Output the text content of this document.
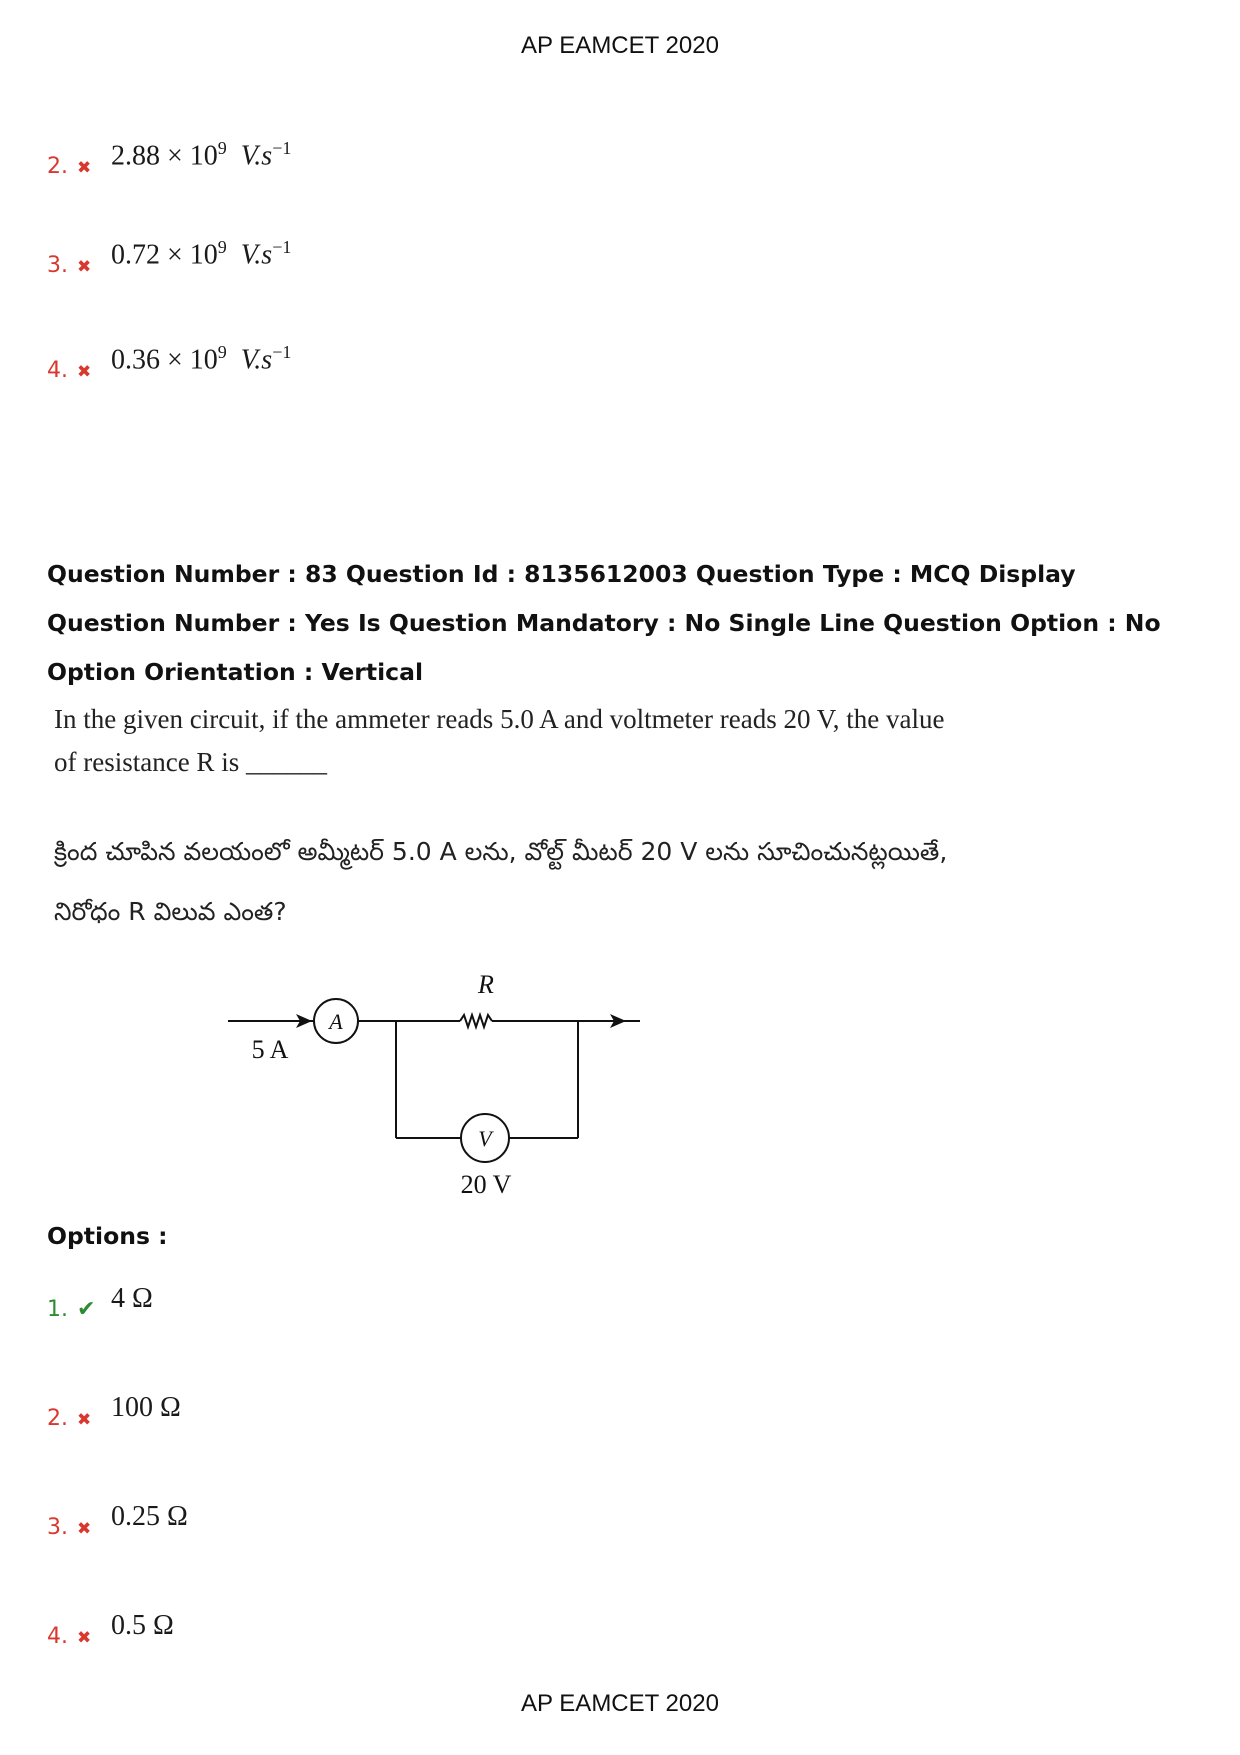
AP EAMCET 2020
2. ✖ $2.88 \times 10^9$ $V.s^{-1}$
3. ✖ $0.72 \times 10^9$ $V.s^{-1}$
4. ✖ $0.36 \times 10^9$ $V.s^{-1}$
Question Number : 83 Question Id : 8135612003 Question Type : MCQ Display Question Number : Yes Is Question Mandatory : No Single Line Question Option : No Option Orientation : Vertical
In the given circuit, if the ammeter reads 5.0 A and voltmeter reads 20 V, the value of resistance R is ______
క్రింద చూపిన వలయంలో అమ్మీటర్ 5.0 A లను, వోల్ట్ మీటర్ 20 V లను సూచించునట్లయితే,
నిరోధం R విలువ ఎంత?
A
V
R
5 A
20 V
Options :
1. ✔ 4 Ω
2. ✖ 100 Ω
3. ✖ 0.25 Ω
4. ✖ 0.5 Ω
AP EAMCET 2020
